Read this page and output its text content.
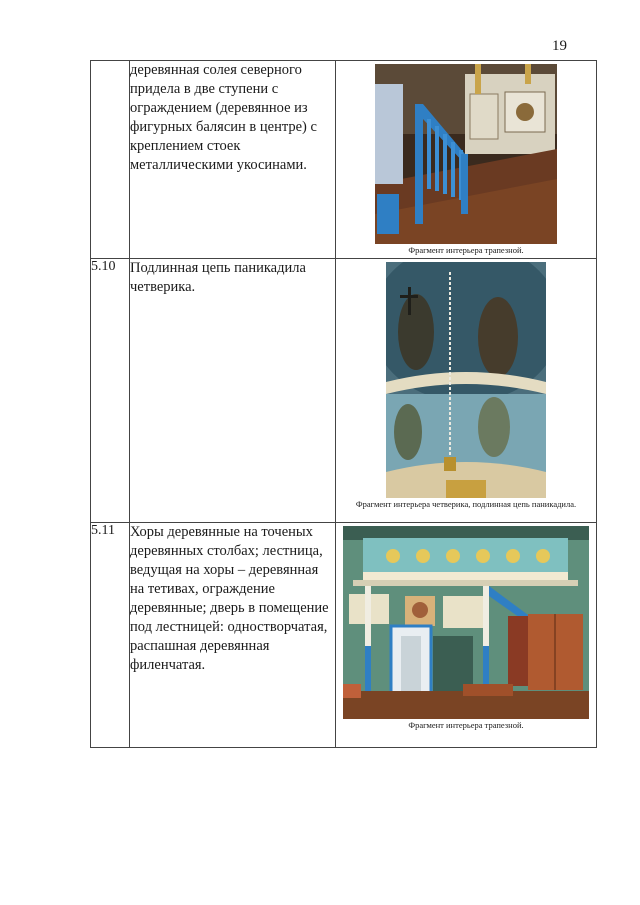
19
	деревянная солея северного придела в две ступени с ограждением (деревянное из фигурных балясин в центре) с креплением стоек металлическими укосинами.	Фрагмент интерьера трапезной.

5.10	Подлинная цепь паникадила четверика.	Фрагмент интерьера четверика, подлинная цепь паникадила.

5.11	Хоры деревянные на точеных деревянных столбах; лестница, ведущая на хоры – деревянная на тетивах, ограждение деревянные; дверь в помещение под лестницей: одностворчатая, распашная деревянная филенчатая.	Фрагмент интерьера трапезной.
